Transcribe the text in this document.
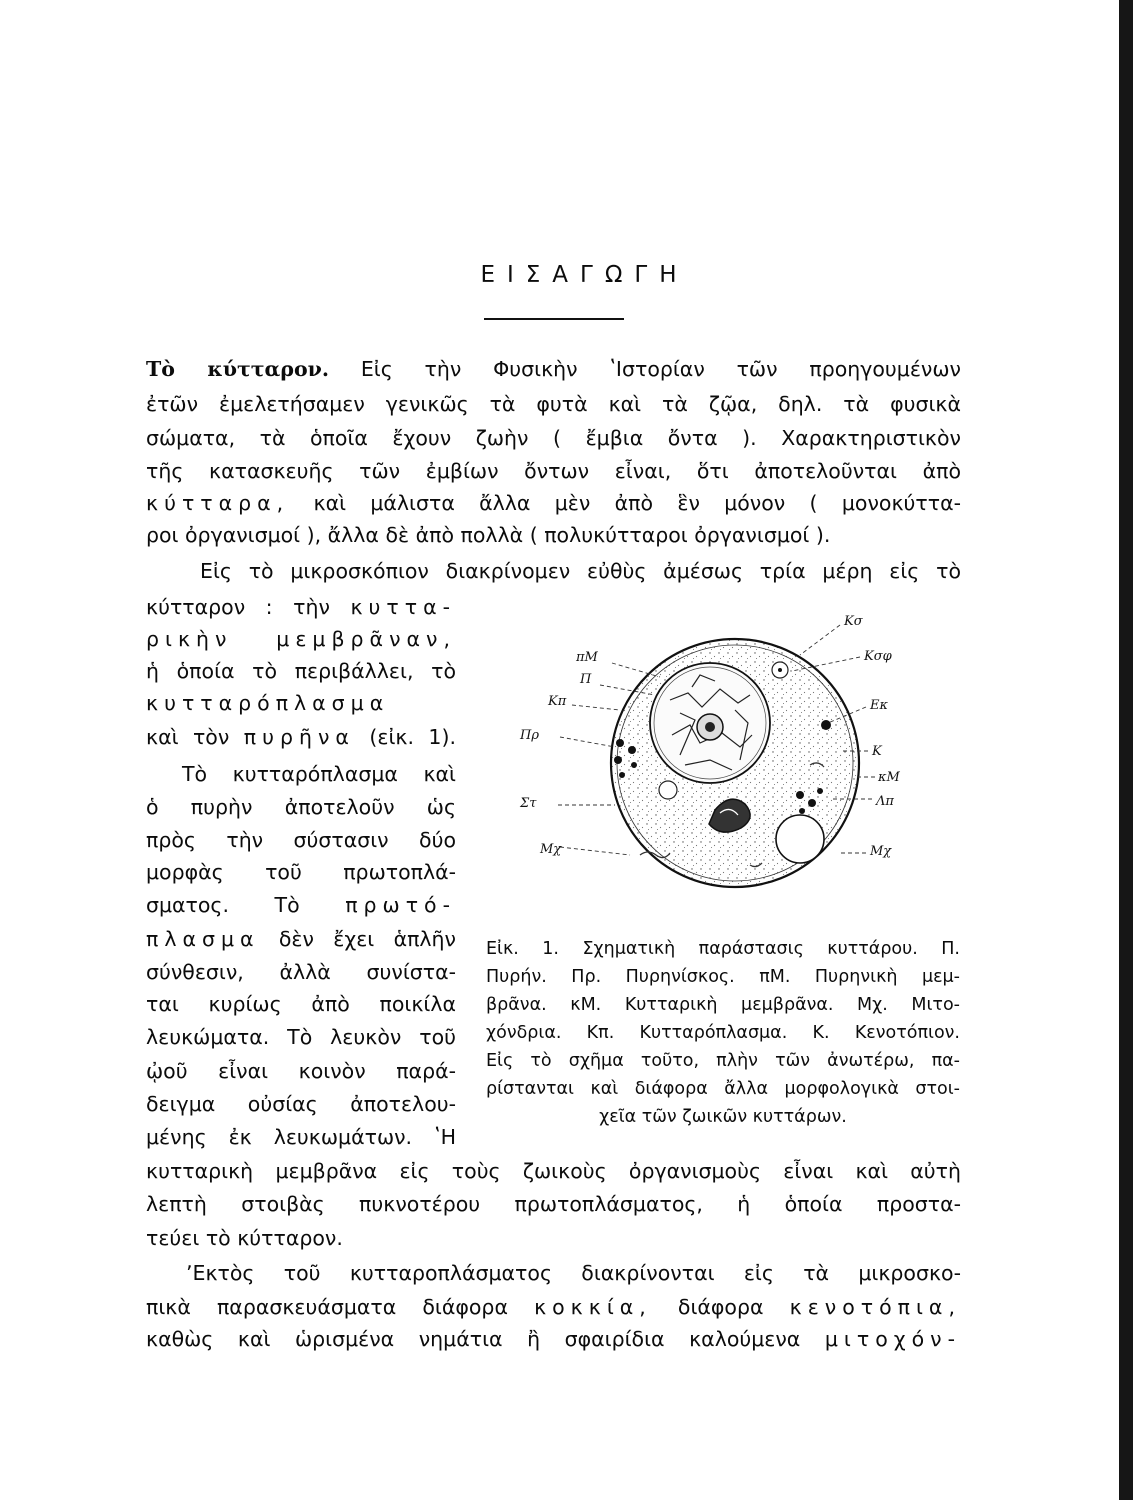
ΕΙΣΑΓΩΓΗ
Τὸ κύτταρον. Εἰς τὴν Φυσικὴν ʽΙστορίαν τῶν προηγουμένων
ἐτῶν ἐμελετήσαμεν γενικῶς τὰ φυτὰ καὶ τὰ ζῷα, δηλ. τὰ φυσικὰ
σώματα, τὰ ὁποῖα ἔχουν ζωὴν ( ἔμβια ὄντα ). Χαρακτηριστικὸν
τῆς κατασκευῆς τῶν ἐμβίων ὄντων εἶναι, ὅτι ἀποτελοῦνται ἀπὸ
κύτταρα, καὶ μάλιστα ἄλλα μὲν ἀπὸ ἓν μόνον ( μονοκύττα-
ροι ὀργανισμοί ), ἄλλα δὲ ἀπὸ πολλὰ ( πολυκύτταροι ὀργανισμοί ).
Εἰς τὸ μικροσκόπιον διακρίνομεν εὐθὺς ἀμέσως τρία μέρη εἰς τὸ
κύτταρον : τὴν κυττα-
ρικὴν μεμβρᾶναν,
ἡ ὁποία τὸ περιβάλλει, τὸ
κυτταρόπλασμα
καὶ τὸν πυρῆνα (εἰκ. 1).
Τὸ κυτταρόπλασμα καὶ
ὁ πυρὴν ἀποτελοῦν ὡς
πρὸς τὴν σύστασιν δύο
μορφὰς τοῦ πρωτοπλά-
σματος. Τὸ πρωτό-
πλασμα δὲν ἔχει ἁπλῆν
σύνθεσιν, ἀλλὰ συνίστα-
ται κυρίως ἀπὸ ποικίλα
λευκώματα. Τὸ λευκὸν τοῦ
ᾠοῦ εἶναι κοινὸν παρά-
δειγμα οὐσίας ἀποτελου-
μένης ἐκ λευκωμάτων. ʽΗ
κυτταρικὴ μεμβρᾶνα εἰς τοὺς ζωικοὺς ὀργανισμοὺς εἶναι καὶ αὐτὴ
λεπτὴ στοιβὰς πυκνοτέρου πρωτοπλάσματος, ἡ ὁποία προστα-
τεύει τὸ κύτταρον.
ʼΕκτὸς τοῦ κυτταροπλάσματος διακρίνονται εἰς τὰ μικροσκο-
πικὰ παρασκευάσματα διάφορα κοκκία, διάφορα κενοτόπια,
καθὼς καὶ ὡρισμένα νημάτια ἢ σφαιρίδια καλούμενα μιτοχόν-
πΜ
Π
Κπ
Πρ
Στ
Μχ
Κσ
Κσφ
Εκ
Κ
κΜ
Λπ
Μχ
Εἰκ. 1. Σχηματικὴ παράστασις κυττάρου. Π.
Πυρήν. Πρ. Πυρηνίσκος. πΜ. Πυρηνικὴ μεμ-
βρᾶνα. κΜ. Κυτταρικὴ μεμβρᾶνα. Μχ. Μιτο-
χόνδρια. Κπ. Κυτταρόπλασμα. Κ. Κενοτόπιον.
Εἰς τὸ σχῆμα τοῦτο, πλὴν τῶν ἀνωτέρω, πα-
ρίστανται καὶ διάφορα ἄλλα μορφολογικὰ στοι-
χεῖα τῶν ζωικῶν κυττάρων.
